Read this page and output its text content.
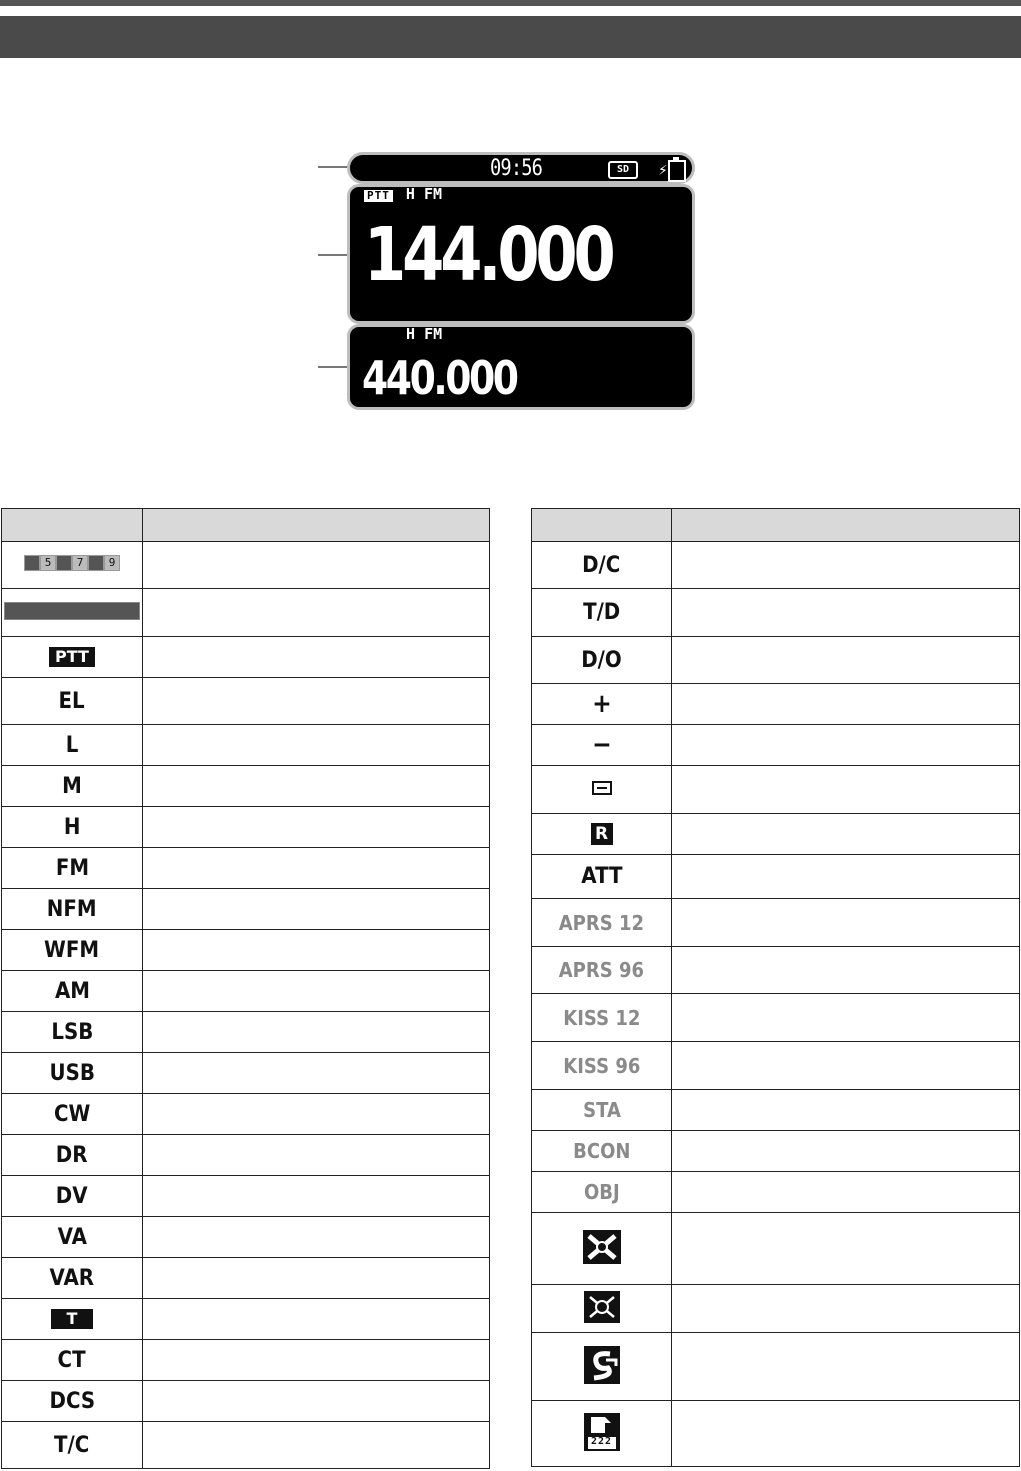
09:56	SD	⚡
PTT H FM
144.000
H FM
440.000

5 7 9	

PTT	
EL	
L	
M	
H	
FM	
NFM	
WFM	
AM	
LSB	
USB	
CW	
DR	
DV	
VA	
VAR	
T	
CT	
DCS	
T/C	

D/C	
T/D	
D/O	
+	
−	

R	
ATT	
APRS 12	
APRS 96	
KISS 12	
KISS 96	
STA	
BCON	
OBJ	

222	
